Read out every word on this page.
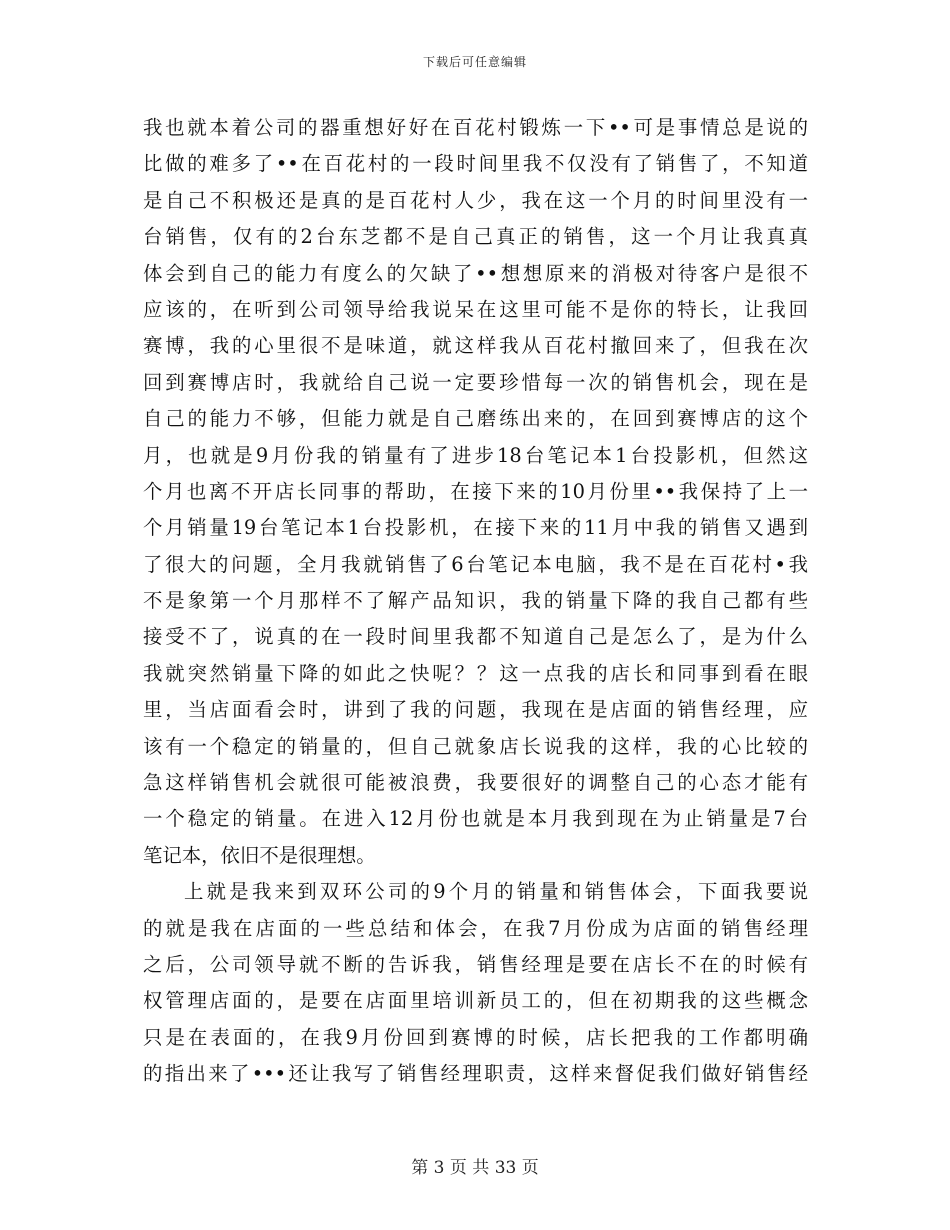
下载后可任意编辑
我也就本着公司的器重想好好在百花村锻炼一下••可是事情总是说的
比做的难多了••在百花村的一段时间里我不仅没有了销售了，不知道
是自己不积极还是真的是百花村人少，我在这一个月的时间里没有一
台销售，仅有的2台东芝都不是自己真正的销售，这一个月让我真真
体会到自己的能力有度么的欠缺了••想想原来的消极对待客户是很不
应该的，在听到公司领导给我说呆在这里可能不是你的特长，让我回
赛博，我的心里很不是味道，就这样我从百花村撤回来了，但我在次
回到赛博店时，我就给自己说一定要珍惜每一次的销售机会，现在是
自己的能力不够，但能力就是自己磨练出来的，在回到赛博店的这个
月，也就是9月份我的销量有了进步18台笔记本1台投影机，但然这
个月也离不开店长同事的帮助，在接下来的10月份里••我保持了上一
个月销量19台笔记本1台投影机，在接下来的11月中我的销售又遇到
了很大的问题，全月我就销售了6台笔记本电脑，我不是在百花村•我
不是象第一个月那样不了解产品知识，我的销量下降的我自己都有些
接受不了，说真的在一段时间里我都不知道自己是怎么了，是为什么
我就突然销量下降的如此之快呢？？这一点我的店长和同事到看在眼
里，当店面看会时，讲到了我的问题，我现在是店面的销售经理，应
该有一个稳定的销量的，但自己就象店长说我的这样，我的心比较的
急这样销售机会就很可能被浪费，我要很好的调整自己的心态才能有
一个稳定的销量。在进入12月份也就是本月我到现在为止销量是7台
笔记本，依旧不是很理想。
上就是我来到双环公司的9个月的销量和销售体会，下面我要说
的就是我在店面的一些总结和体会，在我7月份成为店面的销售经理
之后，公司领导就不断的告诉我，销售经理是要在店长不在的时候有
权管理店面的，是要在店面里培训新员工的，但在初期我的这些概念
只是在表面的，在我9月份回到赛博的时候，店长把我的工作都明确
的指出来了•••还让我写了销售经理职责，这样来督促我们做好销售经
第 3 页 共 33 页
